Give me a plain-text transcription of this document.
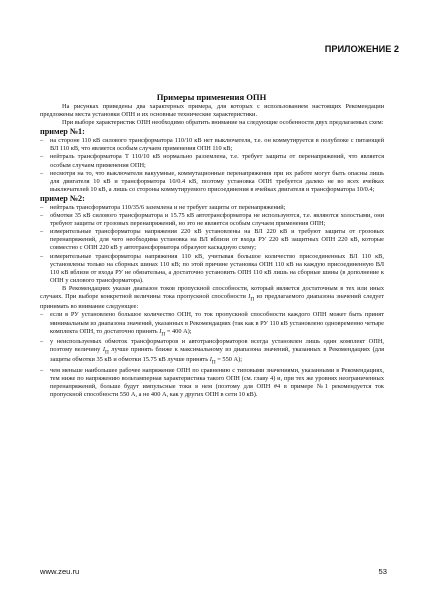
ПРИЛОЖЕНИЕ 2
Примеры применения ОПН

На рисунках приведены два характерных примера, для которых с использованием настоящих Рекомендации предложены места установки ОПН и их основные технические характеристики.

При выборе характеристик ОПН необходимо обратить внимание на следующие особенности двух предлагаемых схем:

пример №1:

– на стороне 110 кВ силового трансформатора 110/10 кВ нет выключателя, т.е. он коммутируется в полублоке с питающей ВЛ 110 кВ, что является особым случаем применения ОПН 110 кВ;
– нейтраль трансформатора Т 110/10 кВ нормально разземлена, т.е. требует защиты от перенапряжений, что является особым случаем применения ОПН;
– несмотря на то, что выключатели вакуумные, коммутационные перенапряжения при их работе могут быть опасны лишь для двигателя 10 кВ и трансформатора 10/0.4 кВ, поэтому установка ОПН требуется далеко не во всех ячейках выключателей 10 кВ, а лишь со стороны коммутируемого присоединения в ячейках двигателя и трансформатора 10/0.4;

пример №2:

– нейтраль трансформатора 110/35/6 заземлена и не требует защиты от перенапряжений;
– обмотки 35 кВ силового трансформатора и 15.75 кВ автотрансформатора не используются, т.е. являются холостыми, они требуют защиты от грозовых перенапряжений, но это не является особым случаем применения ОПН;
– измерительные трансформаторы напряжения 220 кВ установлены на ВЛ 220 кВ и требуют защиты от грозовых перенапряжений, для чего необходима установка на ВЛ вблизи от входа РУ 220 кВ защитных ОПН 220 кВ, которые совместно с ОПН 220 кВ у автотрансформатора образуют каскадную схему;
– измерительные трансформаторы напряжения 110 кВ, учитывая большое количество присоединенных ВЛ 110 кВ, установлены только на сборных шинах 110 кВ; по этой причине установка ОПН 110 кВ на каждую присоединенную ВЛ 110 кВ вблизи от входа РУ не обязательна, а достаточно установить ОПН 110 кВ лишь на сборные шины (в дополнение к ОПН у силового трансформатора).

В Рекомендациях указан диапазон токов пропускной способности, который является достаточным в тех или иных случаях. При выборе конкретной величины тока пропускной способности $I_П$ из предлагаемого диапазона значений следует принимать во внимание следующее:

– если в РУ установлено большое количество ОПН, то ток пропускной способности каждого ОПН может быть принят минимальным из диапазона значений, указанных в Рекомендациях (так как в РУ 110 кВ установлено одновременно четыре комплекта ОПН, то достаточно принять $I_П = 400$ А);
– у неиспользуемых обмоток трансформаторов и автотрансформаторов всегда установлен лишь один комплект ОПН, поэтому величину $I_П$ лучше принять ближе к максимальному из диапазона значений, указанных в Рекомендациях (для защиты обмотки 35 кВ и обмотки 15.75 кВ лучше принять $I_П = 550$ А);
– чем меньше наибольшее рабочее напряжение ОПН по сравнению с типовыми значениями, указанными в Рекомендациях, тем ниже по напряжению вольтамперная характеристика такого ОПН (см. главу 4) и, при тех же уровнях неограниченных перенапряжений, больше будут импульсные токи в нем (поэтому для ОПН #4 в примере №1 рекомендуется ток пропускной способности 550 А, а не 400 А, как у других ОПН в сети 10 кВ).
www.zeu.ru	53
